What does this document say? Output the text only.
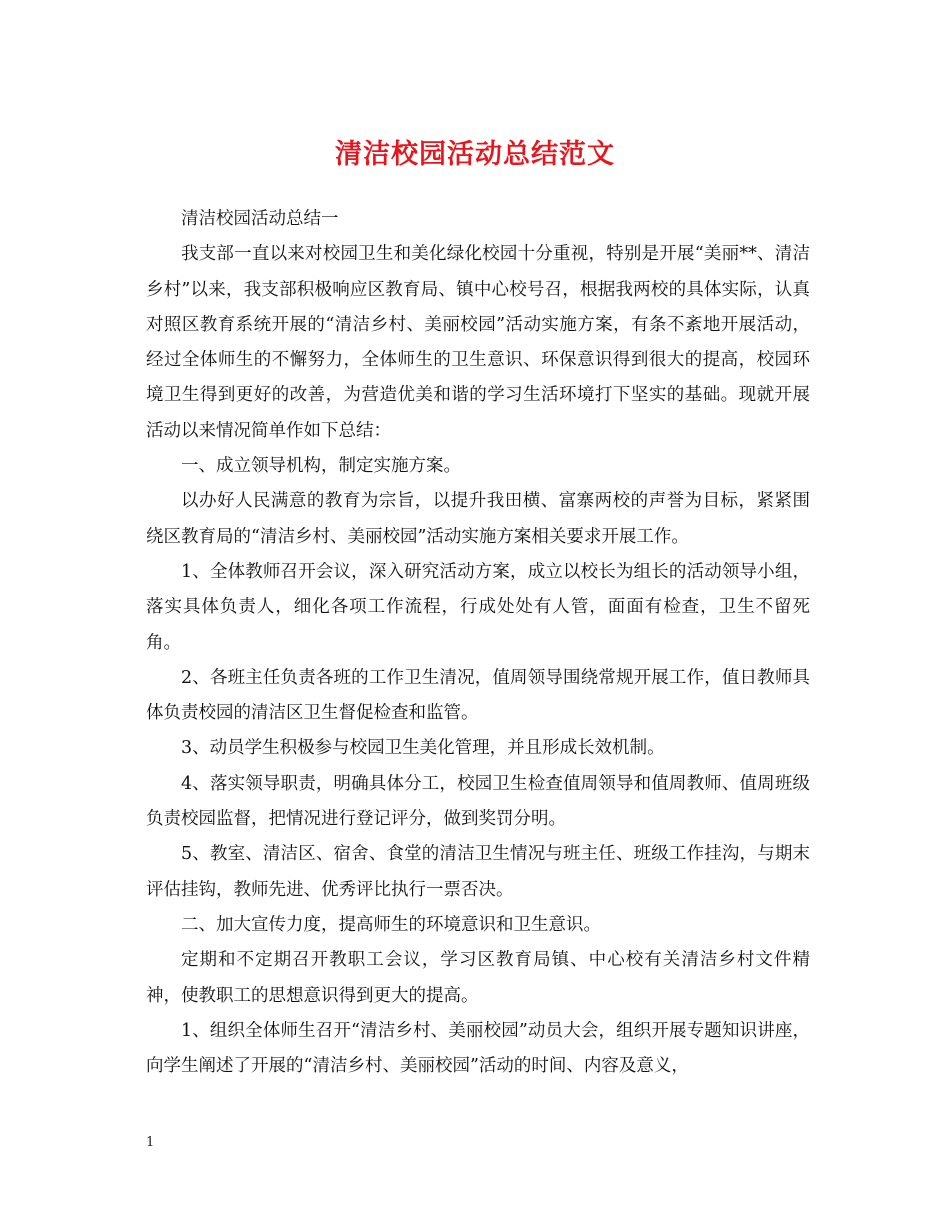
清洁校园活动总结范文

清洁校园活动总结一

我支部一直以来对校园卫生和美化绿化校园十分重视，特别是开展“美丽**、清洁乡村”以来，我支部积极响应区教育局、镇中心校号召，根据我两校的具体实际，认真对照区教育系统开展的“清洁乡村、美丽校园”活动实施方案，有条不紊地开展活动，经过全体师生的不懈努力，全体师生的卫生意识、环保意识得到很大的提高，校园环境卫生得到更好的改善，为营造优美和谐的学习生活环境打下坚实的基础。现就开展活动以来情况简单作如下总结：

一、成立领导机构，制定实施方案。

以办好人民满意的教育为宗旨，以提升我田横、富寨两校的声誉为目标，紧紧围绕区教育局的“清洁乡村、美丽校园”活动实施方案相关要求开展工作。

1、全体教师召开会议，深入研究活动方案，成立以校长为组长的活动领导小组，落实具体负责人，细化各项工作流程，行成处处有人管，面面有检查，卫生不留死角。

2、各班主任负责各班的工作卫生清况，值周领导围绕常规开展工作，值日教师具体负责校园的清洁区卫生督促检查和监管。

3、动员学生积极参与校园卫生美化管理，并且形成长效机制。

4、落实领导职责，明确具体分工，校园卫生检查值周领导和值周教师、值周班级负责校园监督，把情况进行登记评分，做到奖罚分明。

5、教室、清洁区、宿舍、食堂的清洁卫生情况与班主任、班级工作挂沟，与期末评估挂钩，教师先进、优秀评比执行一票否决。

二、加大宣传力度，提高师生的环境意识和卫生意识。

定期和不定期召开教职工会议，学习区教育局镇、中心校有关清洁乡村文件精神，使教职工的思想意识得到更大的提高。

1、组织全体师生召开“清洁乡村、美丽校园”动员大会，组织开展专题知识讲座，向学生阐述了开展的“清洁乡村、美丽校园”活动的时间、内容及意义，

1
